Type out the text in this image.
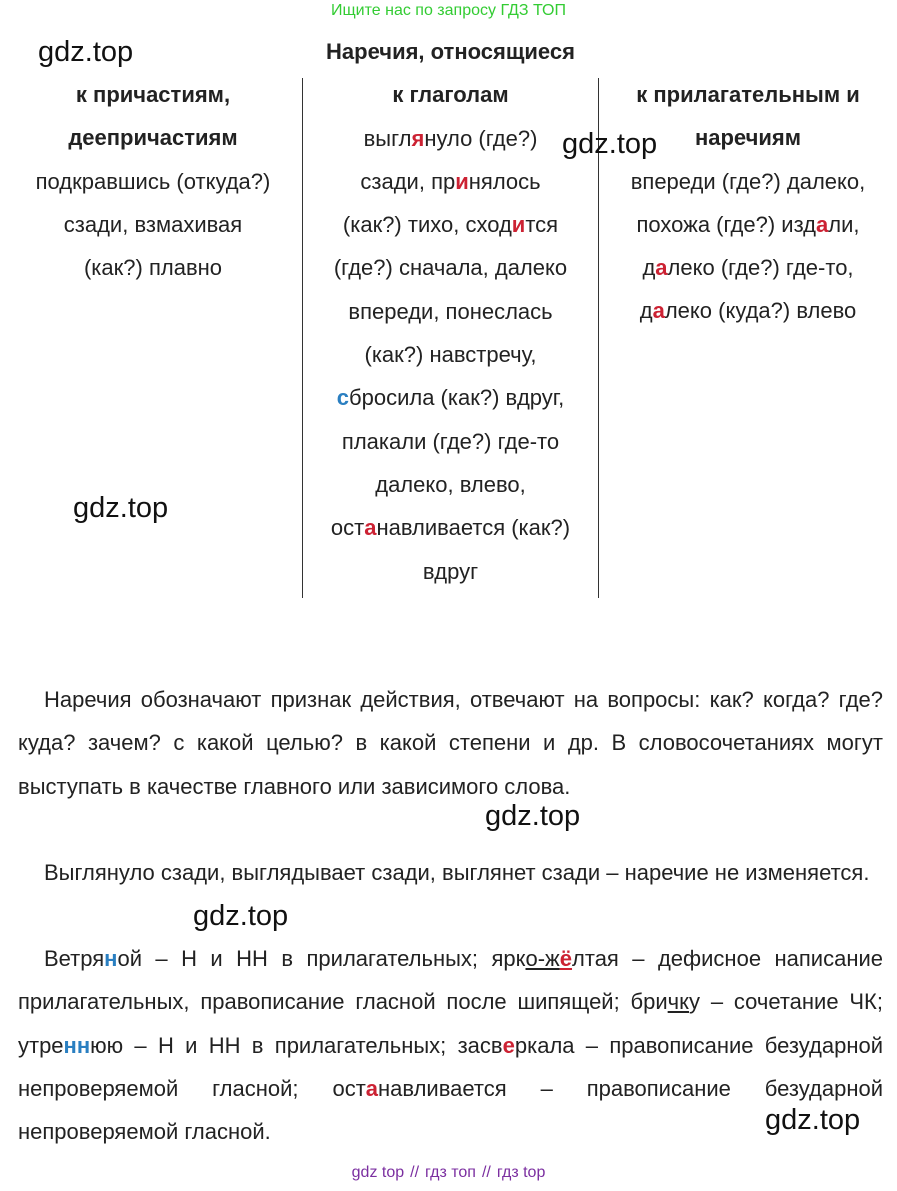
Ищите нас по запросу ГДЗ ТОП
к причастиям,
деепричастиям
подкравшись (откуда?)
сзади, взмахивая
(как?) плавно
Наречия, относящиеся
к глаголам
выглянуло (где?)
сзади, принялось
(как?) тихо, сходится
(где?) сначала, далеко
впереди, понеслась
(как?) навстречу,
сбросила (как?) вдруг,
плакали (где?) где-то
далеко, влево,
останавливается (как?)
вдруг
к прилагательным и
наречиям
впереди (где?) далеко,
похожа (где?) издали,
далеко (где?) где-то,
далеко (куда?) влево
gdz.top
gdz.top
gdz.top
gdz.top
gdz.top
gdz.top

Наречия обозначают признак действия, отвечают на вопросы: как? когда? где? куда? зачем? с какой целью? в какой степени и др. В словосочетаниях могут выступать в качестве главного или зависимого слова.

Выглянуло сзади, выглядывает сзади, выглянет сзади – наречие не изменяется.

Ветряной – Н и НН в прилагательных; ярко-жёлтая – дефисное написание прилагательных, правописание гласной после шипящей; бричку – сочетание ЧК; утреннюю – Н и НН в прилагательных; засверкала – правописание безударной непроверяемой гласной; останавливается – правописание безударной непроверяемой гласной.

gdz top // гдз топ // гдз top
